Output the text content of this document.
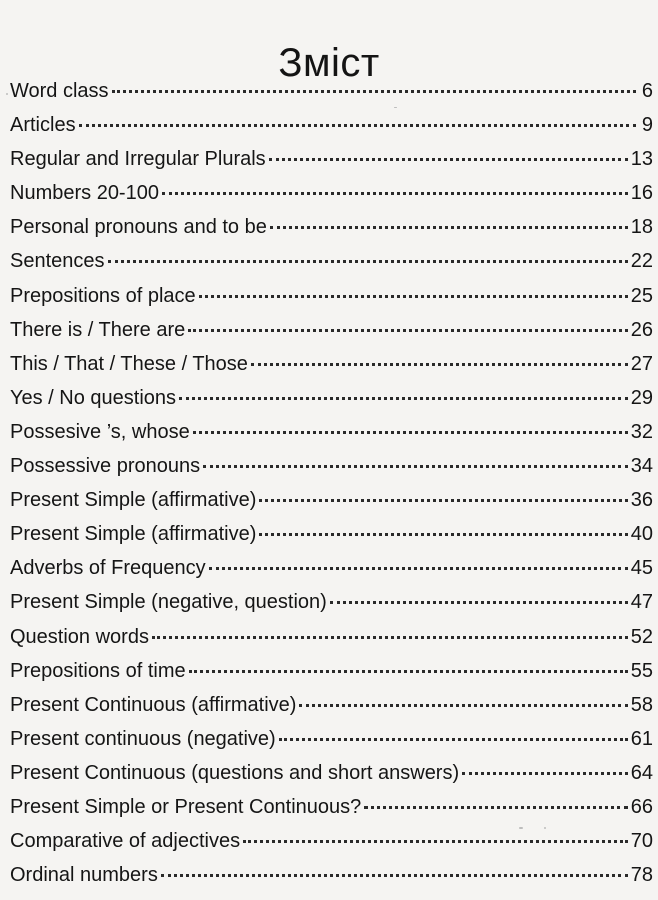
Зміст
Word class	6
Articles	9
Regular and Irregular Plurals	13
Numbers 20-100	16
Personal pronouns and to be	18
Sentences	22
Prepositions of place	25
There is / There are	26
This / That / These / Those	27
Yes / No questions	29
Possesive ’s, whose	32
Possessive pronouns	34
Present Simple (affirmative)	36
Present Simple (affirmative)	40
Adverbs of Frequency	45
Present Simple (negative, question)	47
Question words	52
Prepositions of time	55
Present Continuous (affirmative)	58
Present continuous (negative)	61
Present Continuous (questions and short answers)	64
Present Simple or Present Continuous?	66
Comparative of adjectives	70
Ordinal numbers	78
